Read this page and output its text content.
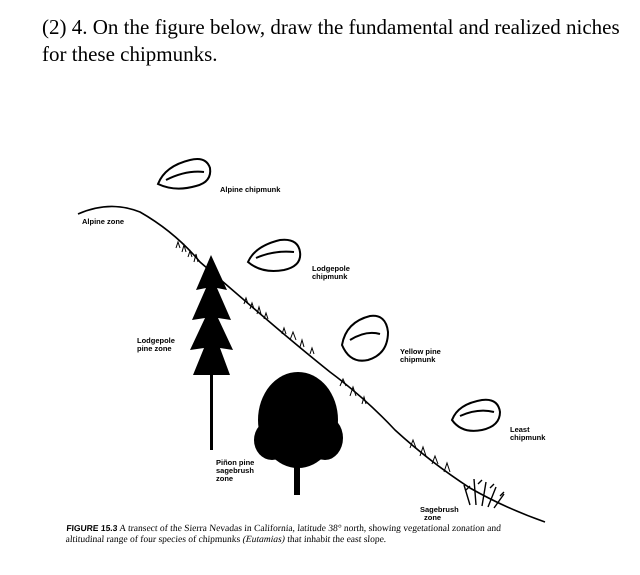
(2) 4. On the figure below, draw the fundamental and realized niches for these chipmunks.
Alpine chipmunk
Alpine zone
Lodgepole
chipmunk
Lodgepole
pine zone	Yellow pine
chipmunk
Least
chipmunk
Piñon pine
sagebrush
zone
Sagebrush
zone
FIGURE 15.3 A transect of the Sierra Nevadas in California, latitude 38° north, showing vegetational zonation and altitudinal range of four species of chipmunks (Eutamias) that inhabit the east slope.
